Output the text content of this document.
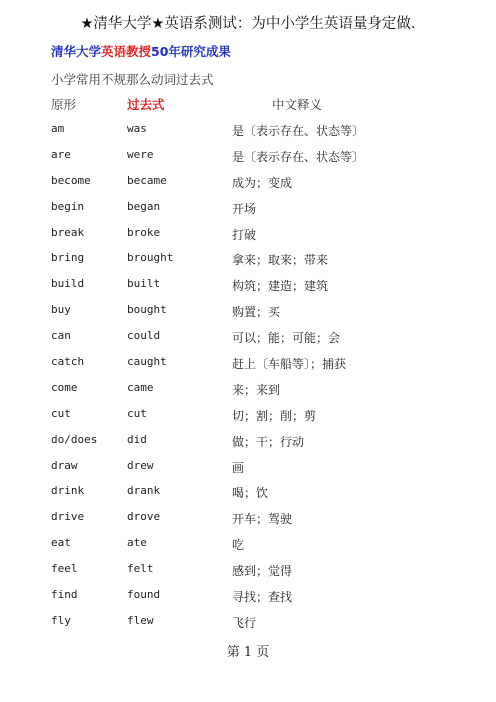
★清华大学★英语系测试：为中小学生英语量身定做.
清华大学英语教授50年研究成果
小学常用不规那么动词过去式
原形	过去式	中文释义
am	was	是〔表示存在、状态等〕
are	were	是〔表示存在、状态等〕
become	became	成为；变成
begin	began	开场
break	broke	打破
bring	brought	拿来；取来；带来
build	built	构筑；建造；建筑
buy	bought	购置；买
can	could	可以；能；可能；会
catch	caught	赶上〔车船等〕；捕获
come	came	来；来到
cut	cut	切；割；削；剪
do/does	did	做；干；行动
draw	drew	画
drink	drank	喝；饮
drive	drove	开车；驾驶
eat	ate	吃
feel	felt	感到；觉得
find	found	寻找；查找
fly	flew	飞行
第 1 页
